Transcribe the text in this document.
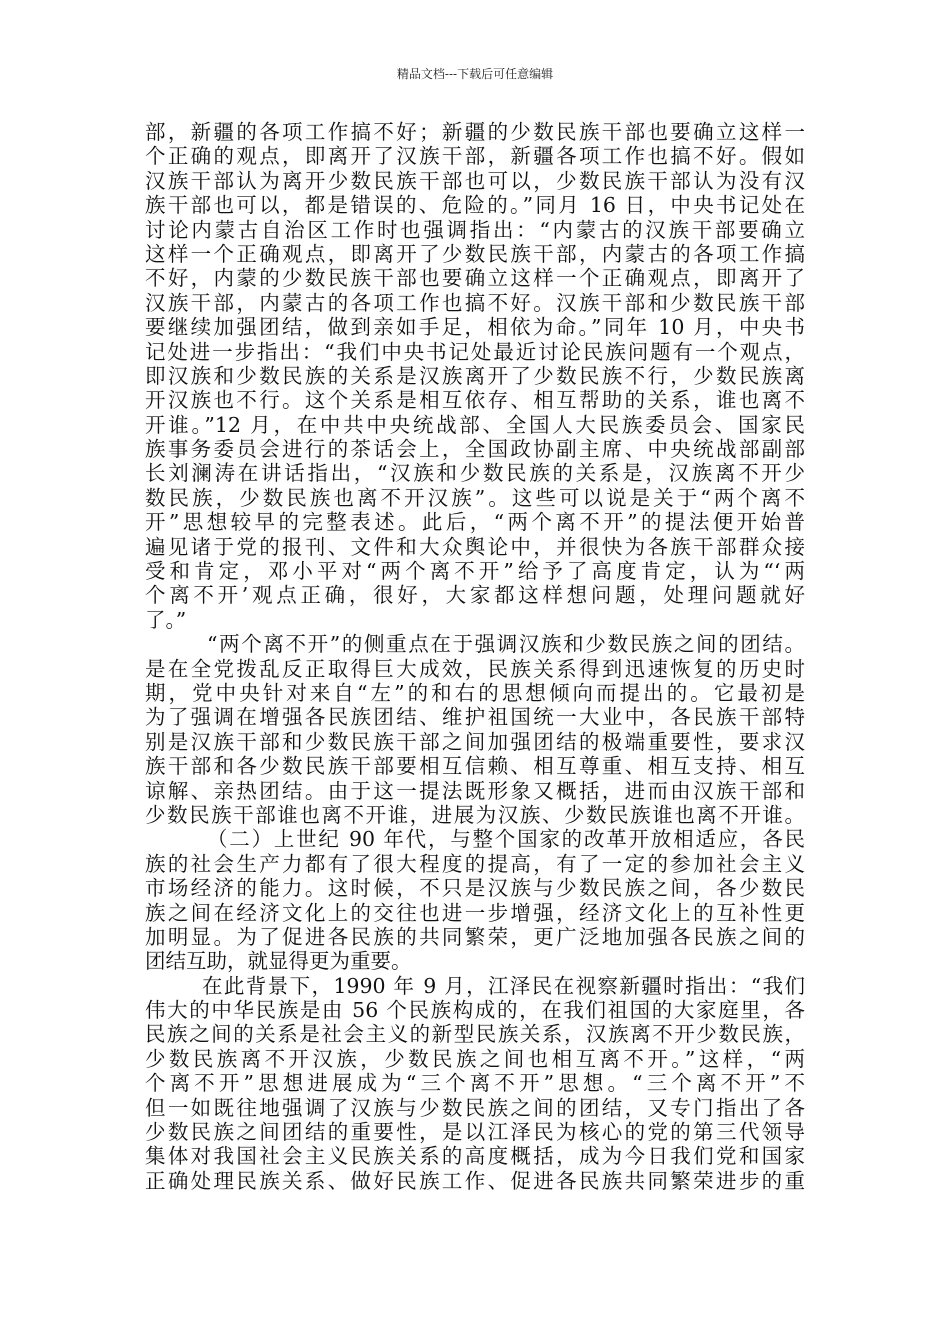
精品文档---下载后可任意编辑
部，新疆的各项工作搞不好；新疆的少数民族干部也要确立这样一
个正确的观点，即离开了汉族干部，新疆各项工作也搞不好。假如
汉族干部认为离开少数民族干部也可以，少数民族干部认为没有汉
族干部也可以，都是错误的、危险的。”同月 16 日，中央书记处在
讨论内蒙古自治区工作时也强调指出：“内蒙古的汉族干部要确立
这样一个正确观点，即离开了少数民族干部，内蒙古的各项工作搞
不好，内蒙的少数民族干部也要确立这样一个正确观点，即离开了
汉族干部，内蒙古的各项工作也搞不好。汉族干部和少数民族干部
要继续加强团结，做到亲如手足，相依为命。”同年 10 月，中央书
记处进一步指出：“我们中央书记处最近讨论民族问题有一个观点，
即汉族和少数民族的关系是汉族离开了少数民族不行，少数民族离
开汉族也不行。这个关系是相互依存、相互帮助的关系，谁也离不
开谁。”12 月，在中共中央统战部、全国人大民族委员会、国家民
族事务委员会进行的茶话会上，全国政协副主席、中央统战部副部
长刘澜涛在讲话指出，“汉族和少数民族的关系是，汉族离不开少
数民族，少数民族也离不开汉族”。这些可以说是关于“两个离不
开”思想较早的完整表述。此后，“两个离不开”的提法便开始普
遍见诸于党的报刊、文件和大众舆论中，并很快为各族干部群众接
受和肯定，邓小平对“两个离不开”给予了高度肯定，认为“‘两
个离不开’观点正确，很好，大家都这样想问题，处理问题就好
了。”
“两个离不开”的侧重点在于强调汉族和少数民族之间的团结。
是在全党拨乱反正取得巨大成效，民族关系得到迅速恢复的历史时
期，党中央针对来自“左”的和右的思想倾向而提出的。它最初是
为了强调在增强各民族团结、维护祖国统一大业中，各民族干部特
别是汉族干部和少数民族干部之间加强团结的极端重要性，要求汉
族干部和各少数民族干部要相互信赖、相互尊重、相互支持、相互
谅解、亲热团结。由于这一提法既形象又概括，进而由汉族干部和
少数民族干部谁也离不开谁，进展为汉族、少数民族谁也离不开谁。
（二）上世纪 90 年代，与整个国家的改革开放相适应，各民
族的社会生产力都有了很大程度的提高，有了一定的参加社会主义
市场经济的能力。这时候，不只是汉族与少数民族之间，各少数民
族之间在经济文化上的交往也进一步增强，经济文化上的互补性更
加明显。为了促进各民族的共同繁荣，更广泛地加强各民族之间的
团结互助，就显得更为重要。
在此背景下，1990 年 9 月，江泽民在视察新疆时指出：“我们
伟大的中华民族是由 56 个民族构成的，在我们祖国的大家庭里，各
民族之间的关系是社会主义的新型民族关系，汉族离不开少数民族，
少数民族离不开汉族，少数民族之间也相互离不开。”这样，“两
个离不开”思想进展成为“三个离不开”思想。“三个离不开”不
但一如既往地强调了汉族与少数民族之间的团结，又专门指出了各
少数民族之间团结的重要性，是以江泽民为核心的党的第三代领导
集体对我国社会主义民族关系的高度概括，成为今日我们党和国家
正确处理民族关系、做好民族工作、促进各民族共同繁荣进步的重
